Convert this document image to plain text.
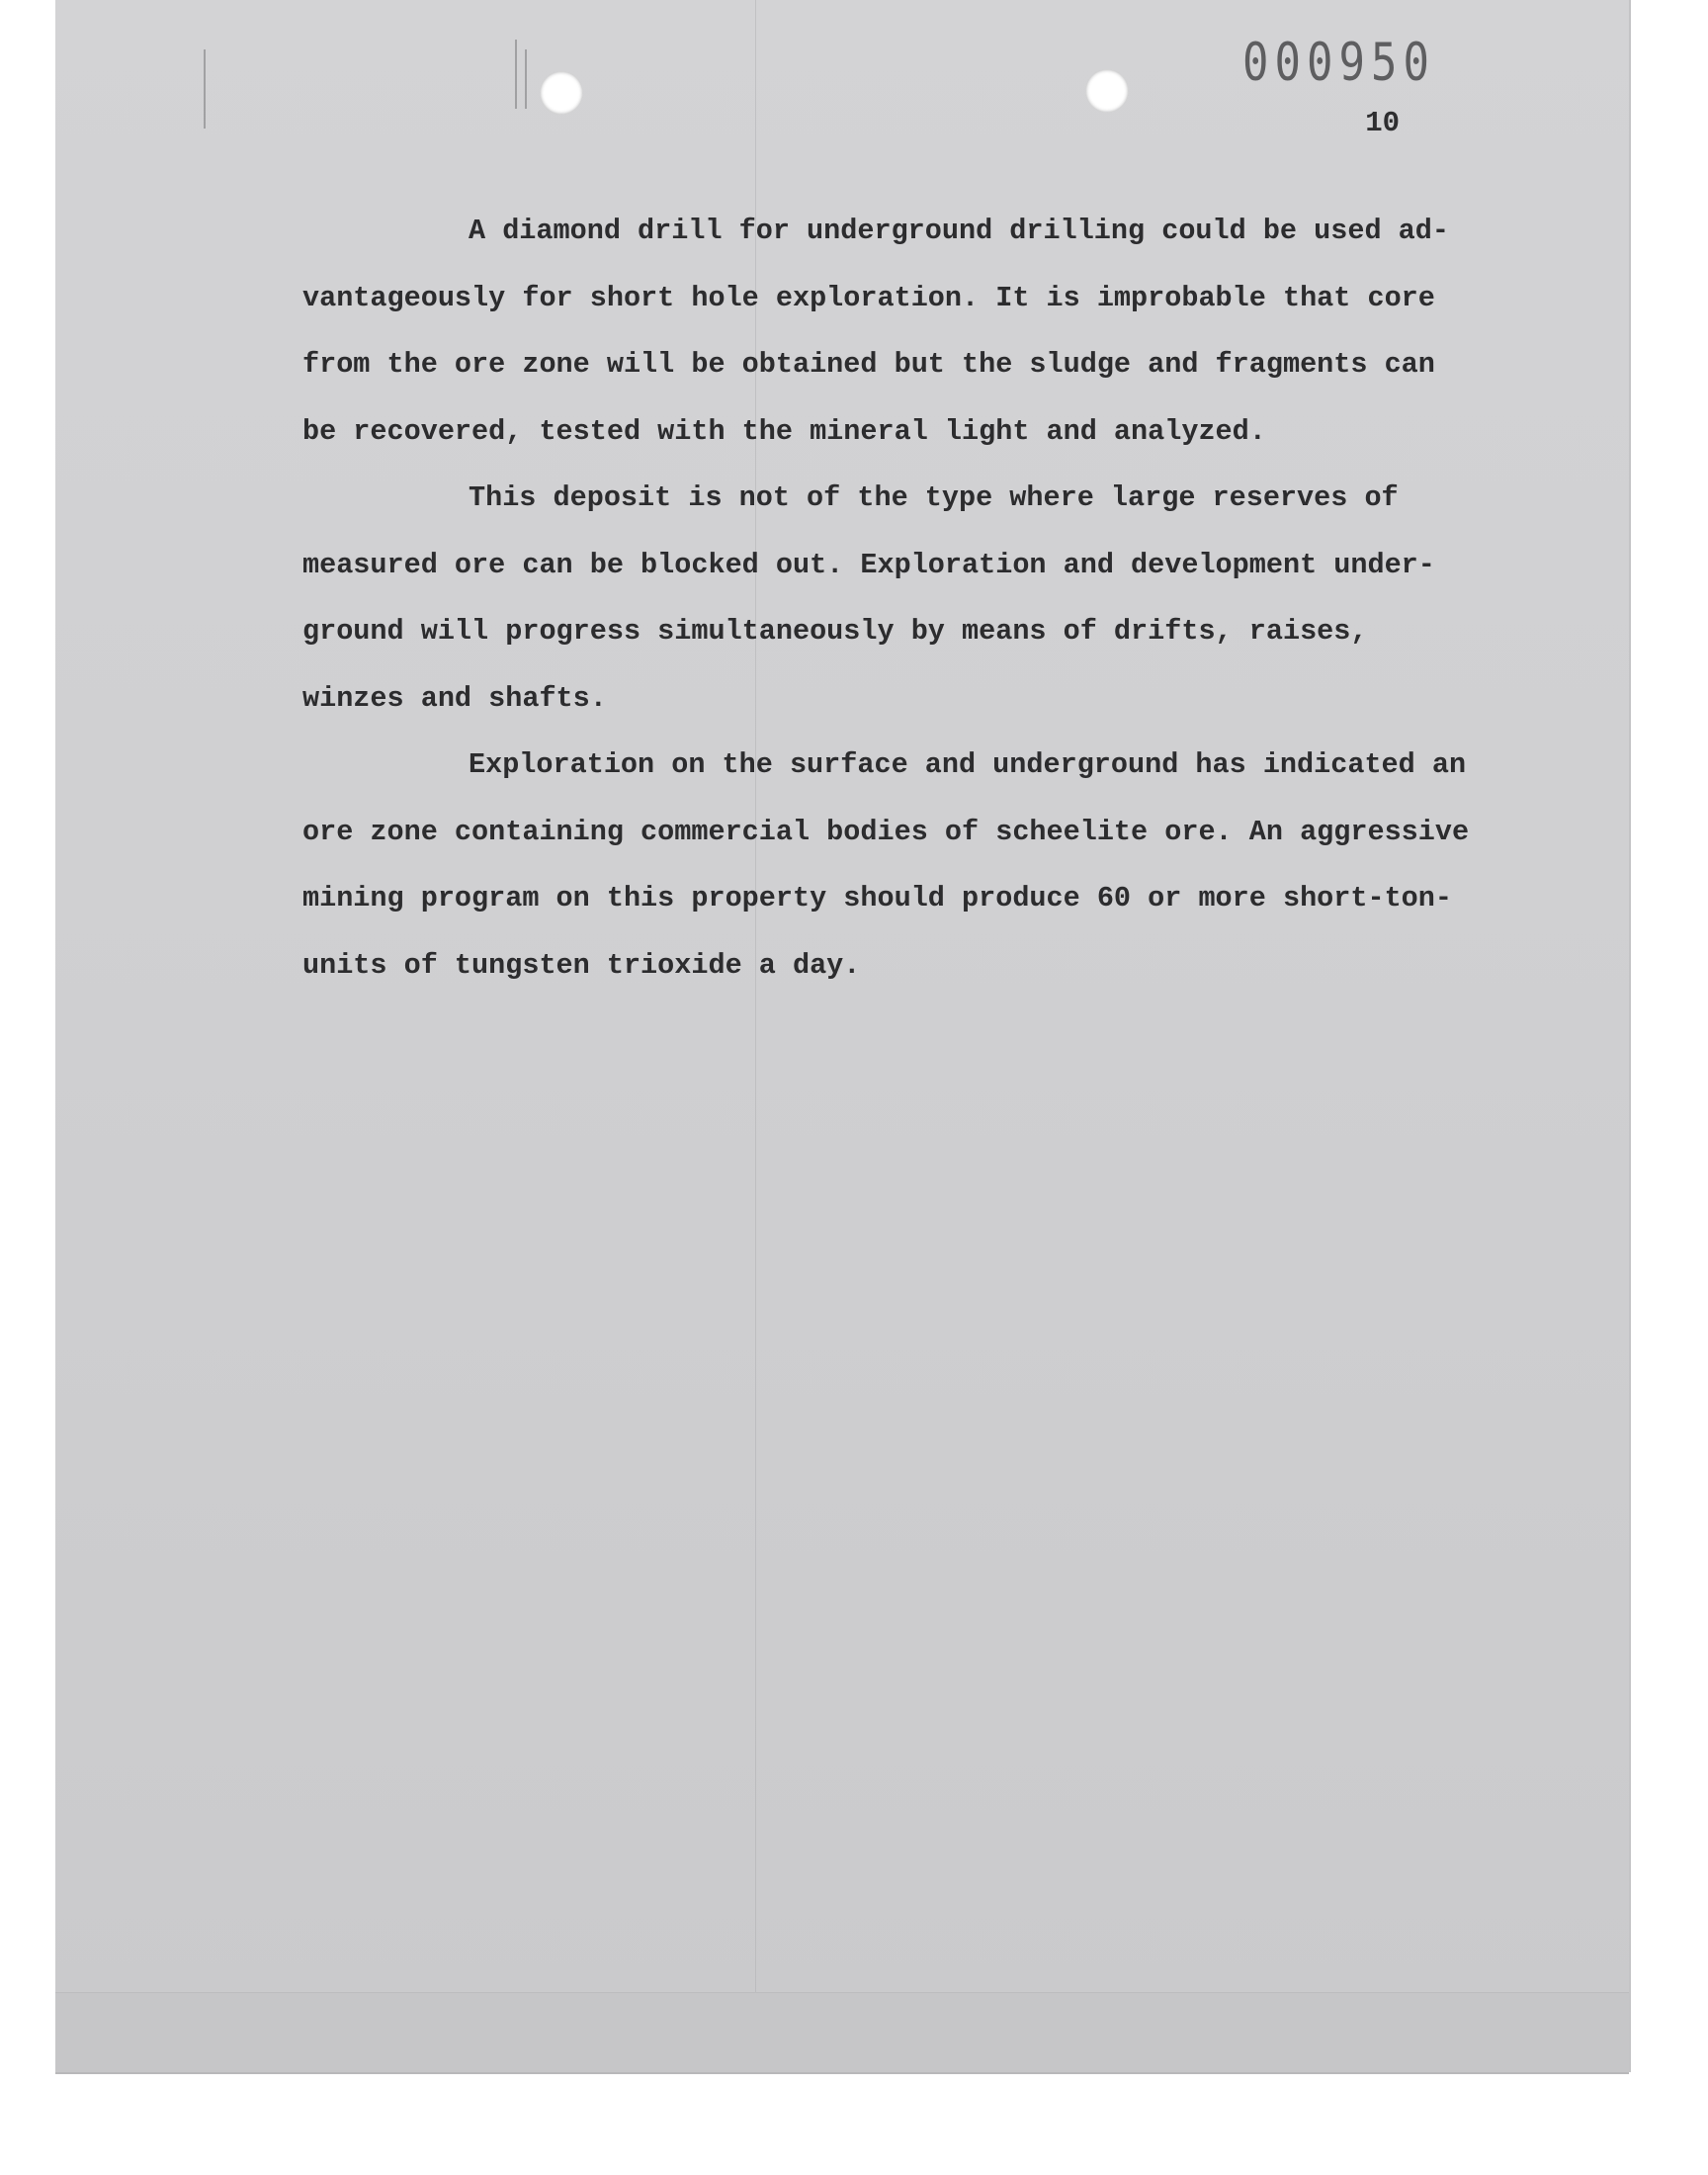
000950
10

A diamond drill for underground drilling could be used ad-
vantageously for short hole exploration. It is improbable that core
from the ore zone will be obtained but the sludge and fragments can
be recovered, tested with the mineral light and analyzed.

This deposit is not of the type where large reserves of
measured ore can be blocked out. Exploration and development under-
ground will progress simultaneously by means of drifts, raises,
winzes and shafts.

Exploration on the surface and underground has indicated an
ore zone containing commercial bodies of scheelite ore. An aggressive
mining program on this property should produce 60 or more short-ton-
units of tungsten trioxide a day.
